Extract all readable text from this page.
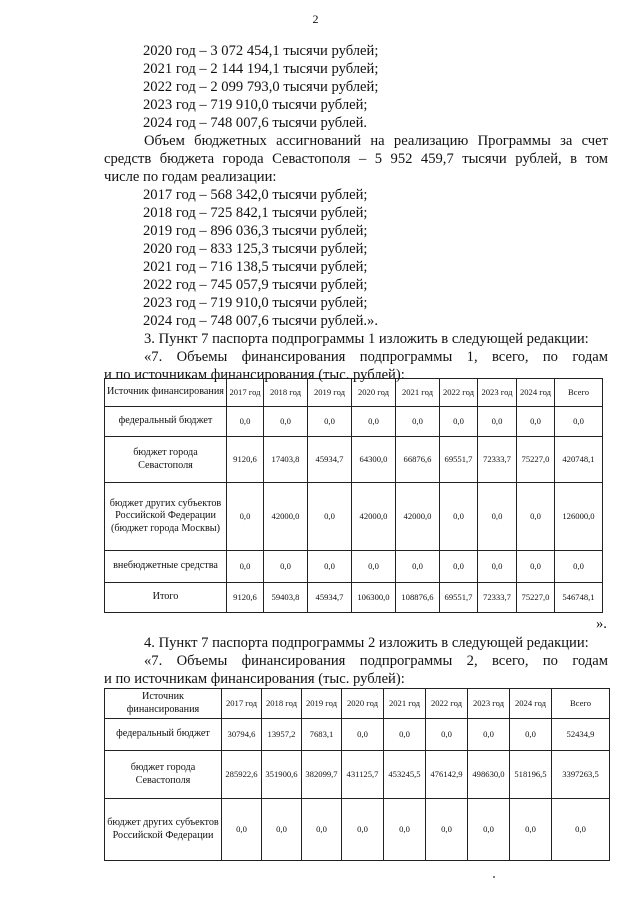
2
2020 год – 3 072 454,1 тысячи рублей;
2021 год – 2 144 194,1 тысячи рублей;
2022 год – 2 099 793,0 тысячи рублей;
2023 год – 719 910,0 тысячи рублей;
2024 год – 748 007,6 тысячи рублей.
Объем бюджетных ассигнований на реализацию Программы за счет
средств бюджета города Севастополя – 5 952 459,7 тысячи рублей, в том
числе по годам реализации:
2017 год – 568 342,0 тысячи рублей;
2018 год – 725 842,1 тысячи рублей;
2019 год – 896 036,3 тысячи рублей;
2020 год – 833 125,3 тысячи рублей;
2021 год – 716 138,5 тысячи рублей;
2022 год – 745 057,9 тысячи рублей;
2023 год – 719 910,0 тысячи рублей;
2024 год – 748 007,6 тысячи рублей.».
3. Пункт 7 паспорта подпрограммы 1 изложить в следующей редакции:
«7. Объемы финансирования подпрограммы 1, всего, по годам
и по источникам финансирования (тыс. рублей):
Источник финансирования	2017 год	2018 год	2019 год	2020 год	2021 год	2022 год	2023 год	2024 год	Всего
федеральный бюджет	0,0	0,0	0,0	0,0	0,0	0,0	0,0	0,0	0,0
бюджет города Севастополя	9120,6	17403,8	45934,7	64300,0	66876,6	69551,7	72333,7	75227,0	420748,1
бюджет других субъектов Российской Федерации (бюджет города Москвы)	0,0	42000,0	0,0	42000,0	42000,0	0,0	0,0	0,0	126000,0
внебюджетные средства	0,0	0,0	0,0	0,0	0,0	0,0	0,0	0,0	0,0
Итого	9120,6	59403,8	45934,7	106300,0	108876,6	69551,7	72333,7	75227,0	546748,1
».
4. Пункт 7 паспорта подпрограммы 2 изложить в следующей редакции:
«7. Объемы финансирования подпрограммы 2, всего, по годам
и по источникам финансирования (тыс. рублей):
Источник финансирования	2017 год	2018 год	2019 год	2020 год	2021 год	2022 год	2023 год	2024 год	Всего
федеральный бюджет	30794,6	13957,2	7683,1	0,0	0,0	0,0	0,0	0,0	52434,9
бюджет города Севастополя	285922,6	351900,6	382099,7	431125,7	453245,5	476142,9	498630,0	518196,5	3397263,5
бюджет других субъектов Российской Федерации	0,0	0,0	0,0	0,0	0,0	0,0	0,0	0,0	0,0
